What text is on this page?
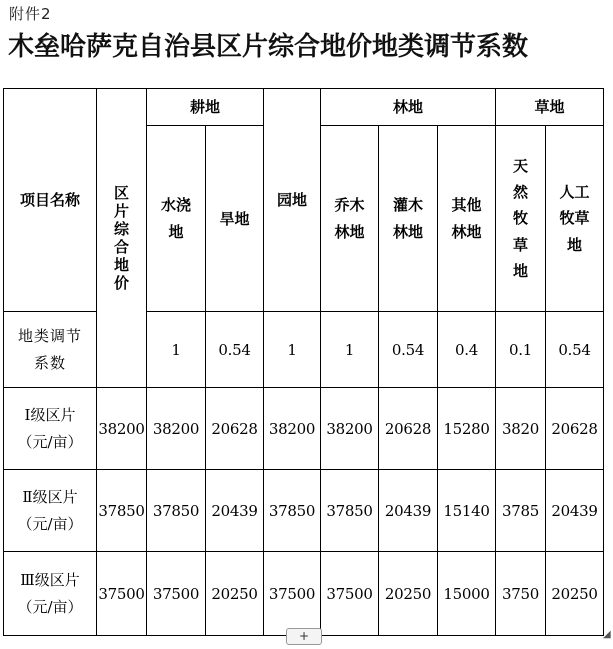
附件2
木垒哈萨克自治县区片综合地价地类调节系数
项目名称	区片综合地价	耕地		园地	林地			草地	
		水浇地	旱地		乔木林地	灌木林地	其他林地	天然牧草地	人工牧草地
地类调节系数		1	0.54	1	1	0.54	0.4	0.1	0.54
Ⅰ级区片（元/亩）	38200	38200	20628	38200	38200	20628	15280	3820	20628
Ⅱ级区片（元/亩）	37850	37850	20439	37850	37850	20439	15140	3785	20439
Ⅲ级区片（元/亩）	37500	37500	20250	37500	37500	20250	15000	3750	20250
+	◢
